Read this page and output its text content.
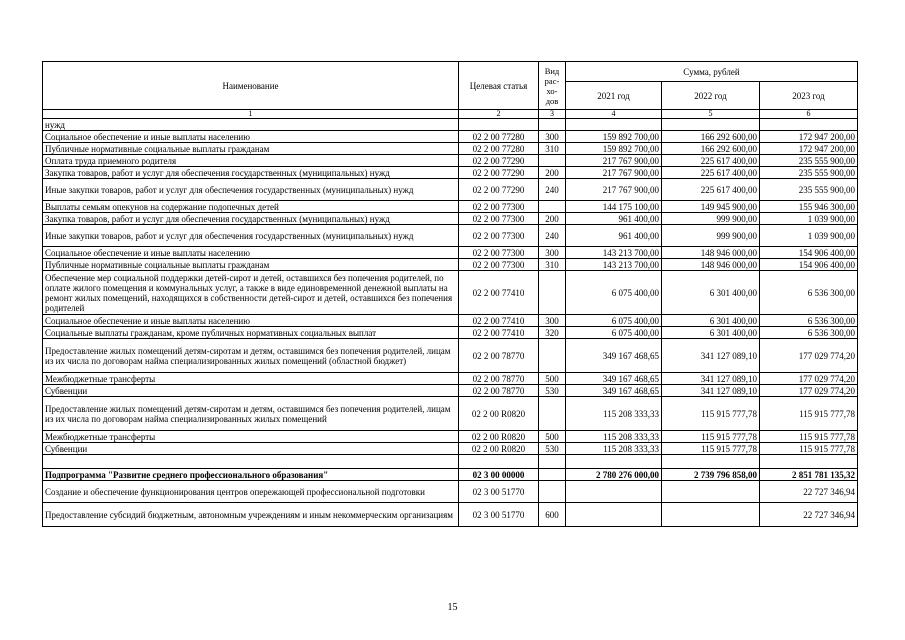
Наименование	Целевая статья	Вид рас-хо-дов	Сумма, рублей		
			2021 год	2022 год	2023 год
1	2	3	4	5	6
нужд					
Социальное обеспечение и иные выплаты населению	02 2 00 77280	300	159 892 700,00	166 292 600,00	172 947 200,00
Публичные нормативные социальные выплаты гражданам	02 2 00 77280	310	159 892 700,00	166 292 600,00	172 947 200,00
Оплата труда приемного родителя	02 2 00 77290		217 767 900,00	225 617 400,00	235 555 900,00
Закупка товаров, работ и услуг для обеспечения государственных (муниципальных) нужд	02 2 00 77290	200	217 767 900,00	225 617 400,00	235 555 900,00
Иные закупки товаров, работ и услуг для обеспечения государственных (муниципальных) нужд	02 2 00 77290	240	217 767 900,00	225 617 400,00	235 555 900,00
Выплаты семьям опекунов на содержание подопечных детей	02 2 00 77300		144 175 100,00	149 945 900,00	155 946 300,00
Закупка товаров, работ и услуг для обеспечения государственных (муниципальных) нужд	02 2 00 77300	200	961 400,00	999 900,00	1 039 900,00
Иные закупки товаров, работ и услуг для обеспечения государственных (муниципальных) нужд	02 2 00 77300	240	961 400,00	999 900,00	1 039 900,00
Социальное обеспечение и иные выплаты населению	02 2 00 77300	300	143 213 700,00	148 946 000,00	154 906 400,00
Публичные нормативные социальные выплаты гражданам	02 2 00 77300	310	143 213 700,00	148 946 000,00	154 906 400,00
Обеспечение мер социальной поддержки детей-сирот и детей, оставшихся без попечения родителей, по оплате жилого помещения и коммунальных услуг, а также в виде единовременной денежной выплаты на ремонт жилых помещений, находящихся в собственности детей-сирот и детей, оставшихся без попечения родителей	02 2 00 77410		6 075 400,00	6 301 400,00	6 536 300,00
Социальное обеспечение и иные выплаты населению	02 2 00 77410	300	6 075 400,00	6 301 400,00	6 536 300,00
Социальные выплаты гражданам, кроме публичных нормативных социальных выплат	02 2 00 77410	320	6 075 400,00	6 301 400,00	6 536 300,00
Предоставление жилых помещений детям-сиротам и детям, оставшимся без попечения родителей, лицам из их числа по договорам найма специализированных жилых помещений (областной бюджет)	02 2 00 78770		349 167 468,65	341 127 089,10	177 029 774,20
Межбюджетные трансферты	02 2 00 78770	500	349 167 468,65	341 127 089,10	177 029 774,20
Субвенции	02 2 00 78770	530	349 167 468,65	341 127 089,10	177 029 774,20
Предоставление жилых помещений детям-сиротам и детям, оставшимся без попечения родителей, лицам из их числа по договорам найма специализированных жилых помещений	02 2 00 R0820		115 208 333,33	115 915 777,78	115 915 777,78
Межбюджетные трансферты	02 2 00 R0820	500	115 208 333,33	115 915 777,78	115 915 777,78
Субвенции	02 2 00 R0820	530	115 208 333,33	115 915 777,78	115 915 777,78

Подпрограмма "Развитие среднего профессионального образования"	02 3 00 00000		2 780 276 000,00	2 739 796 858,00	2 851 781 135,32
Создание и обеспечение функционирования центров опережающей профессиональной подготовки	02 3 00 51770				22 727 346,94
Предоставление субсидий бюджетным, автономным учреждениям и иным некоммерческим организациям	02 3 00 51770	600			22 727 346,94
15
